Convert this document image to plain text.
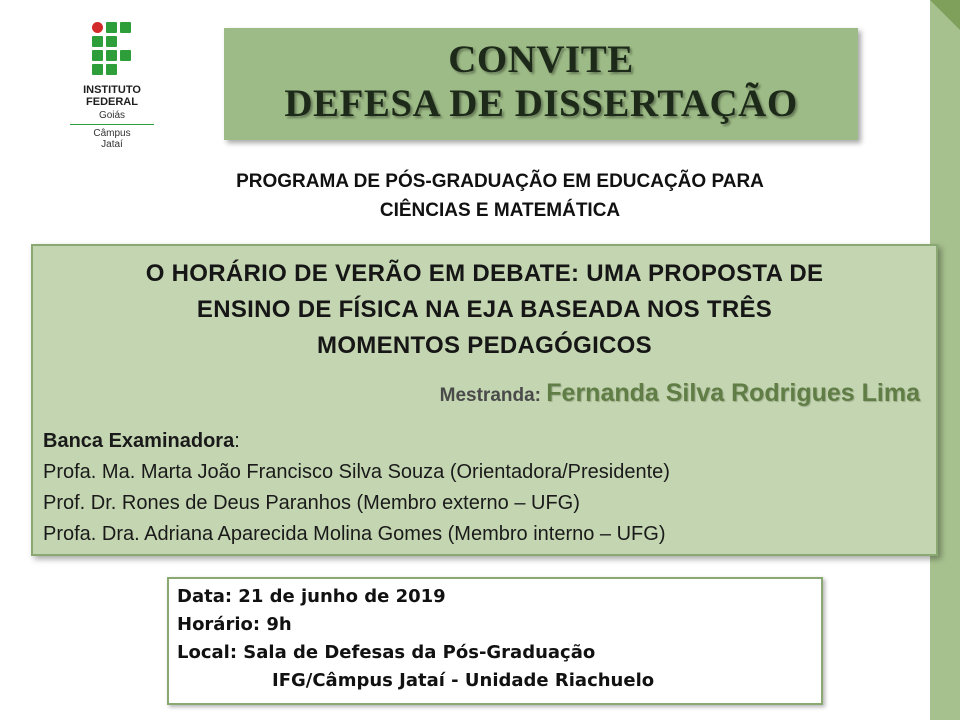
INSTITUTO
FEDERAL
Goiás
Câmpus
Jataí
CONVITE
DEFESA DE DISSERTAÇÃO
PROGRAMA DE PÓS-GRADUAÇÃO EM EDUCAÇÃO PARA
CIÊNCIAS E MATEMÁTICA
O HORÁRIO DE VERÃO EM DEBATE: UMA PROPOSTA DE
ENSINO DE FÍSICA NA EJA BASEADA NOS TRÊS
MOMENTOS PEDAGÓGICOS
Mestranda: Fernanda Silva Rodrigues Lima
Banca Examinadora:
Profa. Ma. Marta João Francisco Silva Souza (Orientadora/Presidente)
Prof. Dr. Rones de Deus Paranhos (Membro externo – UFG)
Profa. Dra. Adriana Aparecida Molina Gomes (Membro interno – UFG)
Data: 21 de junho de 2019
Horário: 9h
Local: Sala de Defesas da Pós-Graduação
IFG/Câmpus Jataí - Unidade Riachuelo
